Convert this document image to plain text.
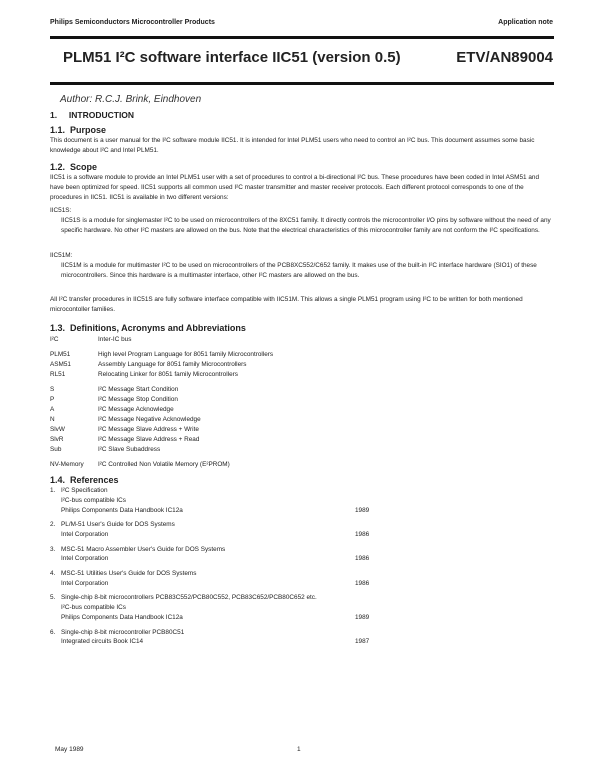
Philips Semiconductors Microcontroller Products	Application note
PLM51 I²C software interface IIC51 (version 0.5)	ETV/AN89004
Author: R.C.J. Brink, Eindhoven
1.     INTRODUCTION
1.1.  Purpose
This document is a user manual for the I²C software module IIC51. It is intended for Intel PLM51 users who need to control an I²C bus. This document assumes some basic knowledge about I²C and Intel PLM51.
1.2.  Scope
IIC51 is a software module to provide an Intel PLM51 user with a set of procedures to control a bi-directional I²C bus. These procedures have been coded in Intel ASM51 and have been optimized for speed. IIC51 supports all common used I²C master transmitter and master receiver protocols. Each different protocol corresponds to one of the procedures in IIC51. IIC51 is available in two different versions:
IIC51S:
IIC51S is a module for singlemaster I²C to be used on microcontrollers of the 8XC51 family. It directly controls the microcontroller I/O pins by software without the need of any specific hardware. No other I²C masters are allowed on the bus. Note that the electrical characteristics of this microcontroller family are not conform the I²C specifications.
IIC51M:
IIC51M is a module for multimaster I²C to be used on microcontrollers of the PCB8XC552/C652 family. It makes use of the built-in I²C interface hardware (SIO1) of these microcontrollers. Since this hardware is a multimaster interface, other I²C masters are allowed on the bus.
All I²C transfer procedures in IIC51S are fully software interface compatible with IIC51M. This allows a single PLM51 program using I²C to be written for both mentioned microcontoller families.
1.3.  Definitions, Acronyms and Abbreviations
I²C	Inter-IC bus
PLM51	High level Program Language for 8051 family Microcontrollers
ASM51	Assembly Language for 8051 family Microcontrollers
RL51	Relocating Linker for 8051 family Microcontrollers
S	I²C Message Start Condition
P	I²C Message Stop Condition
A	I²C Message Acknowledge
N	I²C Message Negative Acknowledge
SlvW	I²C Message Slave Address + Write
SlvR	I²C Message Slave Address + Read
Sub	I²C Slave Subaddress
NV-Memory I²C Controlled Non Volatile Memory (E²PROM)
1.4.  References
1. I²C Specification
I²C-bus compatible ICs
Philips Components Data Handbook IC12a	1989
2. PL/M-51 User's Guide for DOS Systems
Intel Corporation	1986
3. MSC-51 Macro Assembler User's Guide for DOS Systems
Intel Corporation	1986
4. MSC-51 Utilities User's Guide for DOS Systems
Intel Corporation	1986
5. Single-chip 8-bit microcontrollers PCB83C552/PCB80C552, PCB83C652/PCB80C652 etc.
I²C-bus compatible ICs
Philips Components Data Handbook IC12a	1989
6. Single-chip 8-bit microcontroller PCB80C51
Integrated circuits Book IC14	1987
May 1989	1
